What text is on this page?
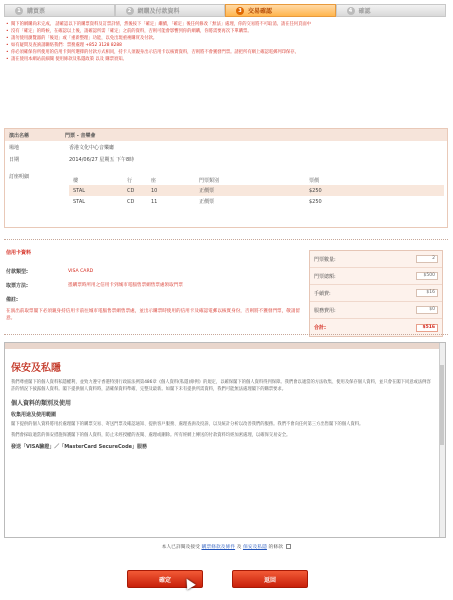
1	購買票	2	網購及付款資料	3	交易確認	4	確認
• 閱下的網購尚未完成。 請確認以下的購票資料及訂票詳情，然後按下「確定」繼續，「確定」後任何修改「無法」處理，你的交易將不可取消。請在任何頁面中
• 沒有「確定」的時候，在確認以上後，請確認所需「確定」之前的資料，否則可能會影響到你的網購，你將需要再次下單購票。
• 請勿使用瀏覽器的「後退」或「重新整理」功能，以免出現重複購買及付款。
• 如有疑問及查詢請聯絡我們：票務處理 +852 3128 8288
• 你必須確保你所使用的信用卡與所選擇的付款方式相同，持卡人須親身出示信用卡以核實資料，否則將不會獲發門票。請把所有網上確認電郵列印保存。
• 請在使用本網站前細閱 使用條款及私隱政策 以及 購票須知。
演出名稱	門票 - 音樂會
場地	香港文化中心音樂廳
日期	2014/06/27 星期五 下午8時
訂座明細
樓	行	座	門票類別	票價
STAL	CD	10	正價票	$250
STAL	CD	11	正價票	$250
信用卡資料
付款類型:	VISA CARD
取票方法:	憑購票時所用之信用卡到城市電腦售票網售票處領取門票
備註:
在演出前取票閣下必須親身持信用卡前往城市電腦售票網售票處，並出示購票時使用的信用卡及確認電郵以核實身份，否則將不獲發門票，敬請留意。
門票數量:	2
門票總額:	$500
手續費:	$16
服務費用:	$0
合計:	$516
保安及私隱

我們尊重閣下的個人資料私隱權利，並致力遵守香港特別行政區法例第486章《個人資料(私隱)條例》的規定，以確保閣下的個人資料得到保障。我們會以適當的方法收集、使用及保存個人資料，並只會在閣下同意或法例容許的情況下披露個人資料。閣下提供個人資料時，請確保資料準確、完整及最新。如閣下未有提供所需資料，我們可能無法處理閣下的購票要求。

個人資料的類別及使用
收集用途及使用範圍

閣下提供的個人資料將用於處理閣下的購票交易、寄送門票及確認通知、提供客戶服務、處理查詢及投訴，以及統計分析以改善我們的服務。我們不會向任何第三方出售閣下的個人資料。

我們會採取適當的保安措施保護閣下的個人資料，防止未經授權的查閱、處理或刪除。所有經網上傳送的付款資料均經加密處理，以確保交易安全。

發送「VISA驗證」／「MasterCard SecureCode」服務
本人已詳閱及接受 購票條款及條件 及 保安及私隱 的條款
確定	返回
